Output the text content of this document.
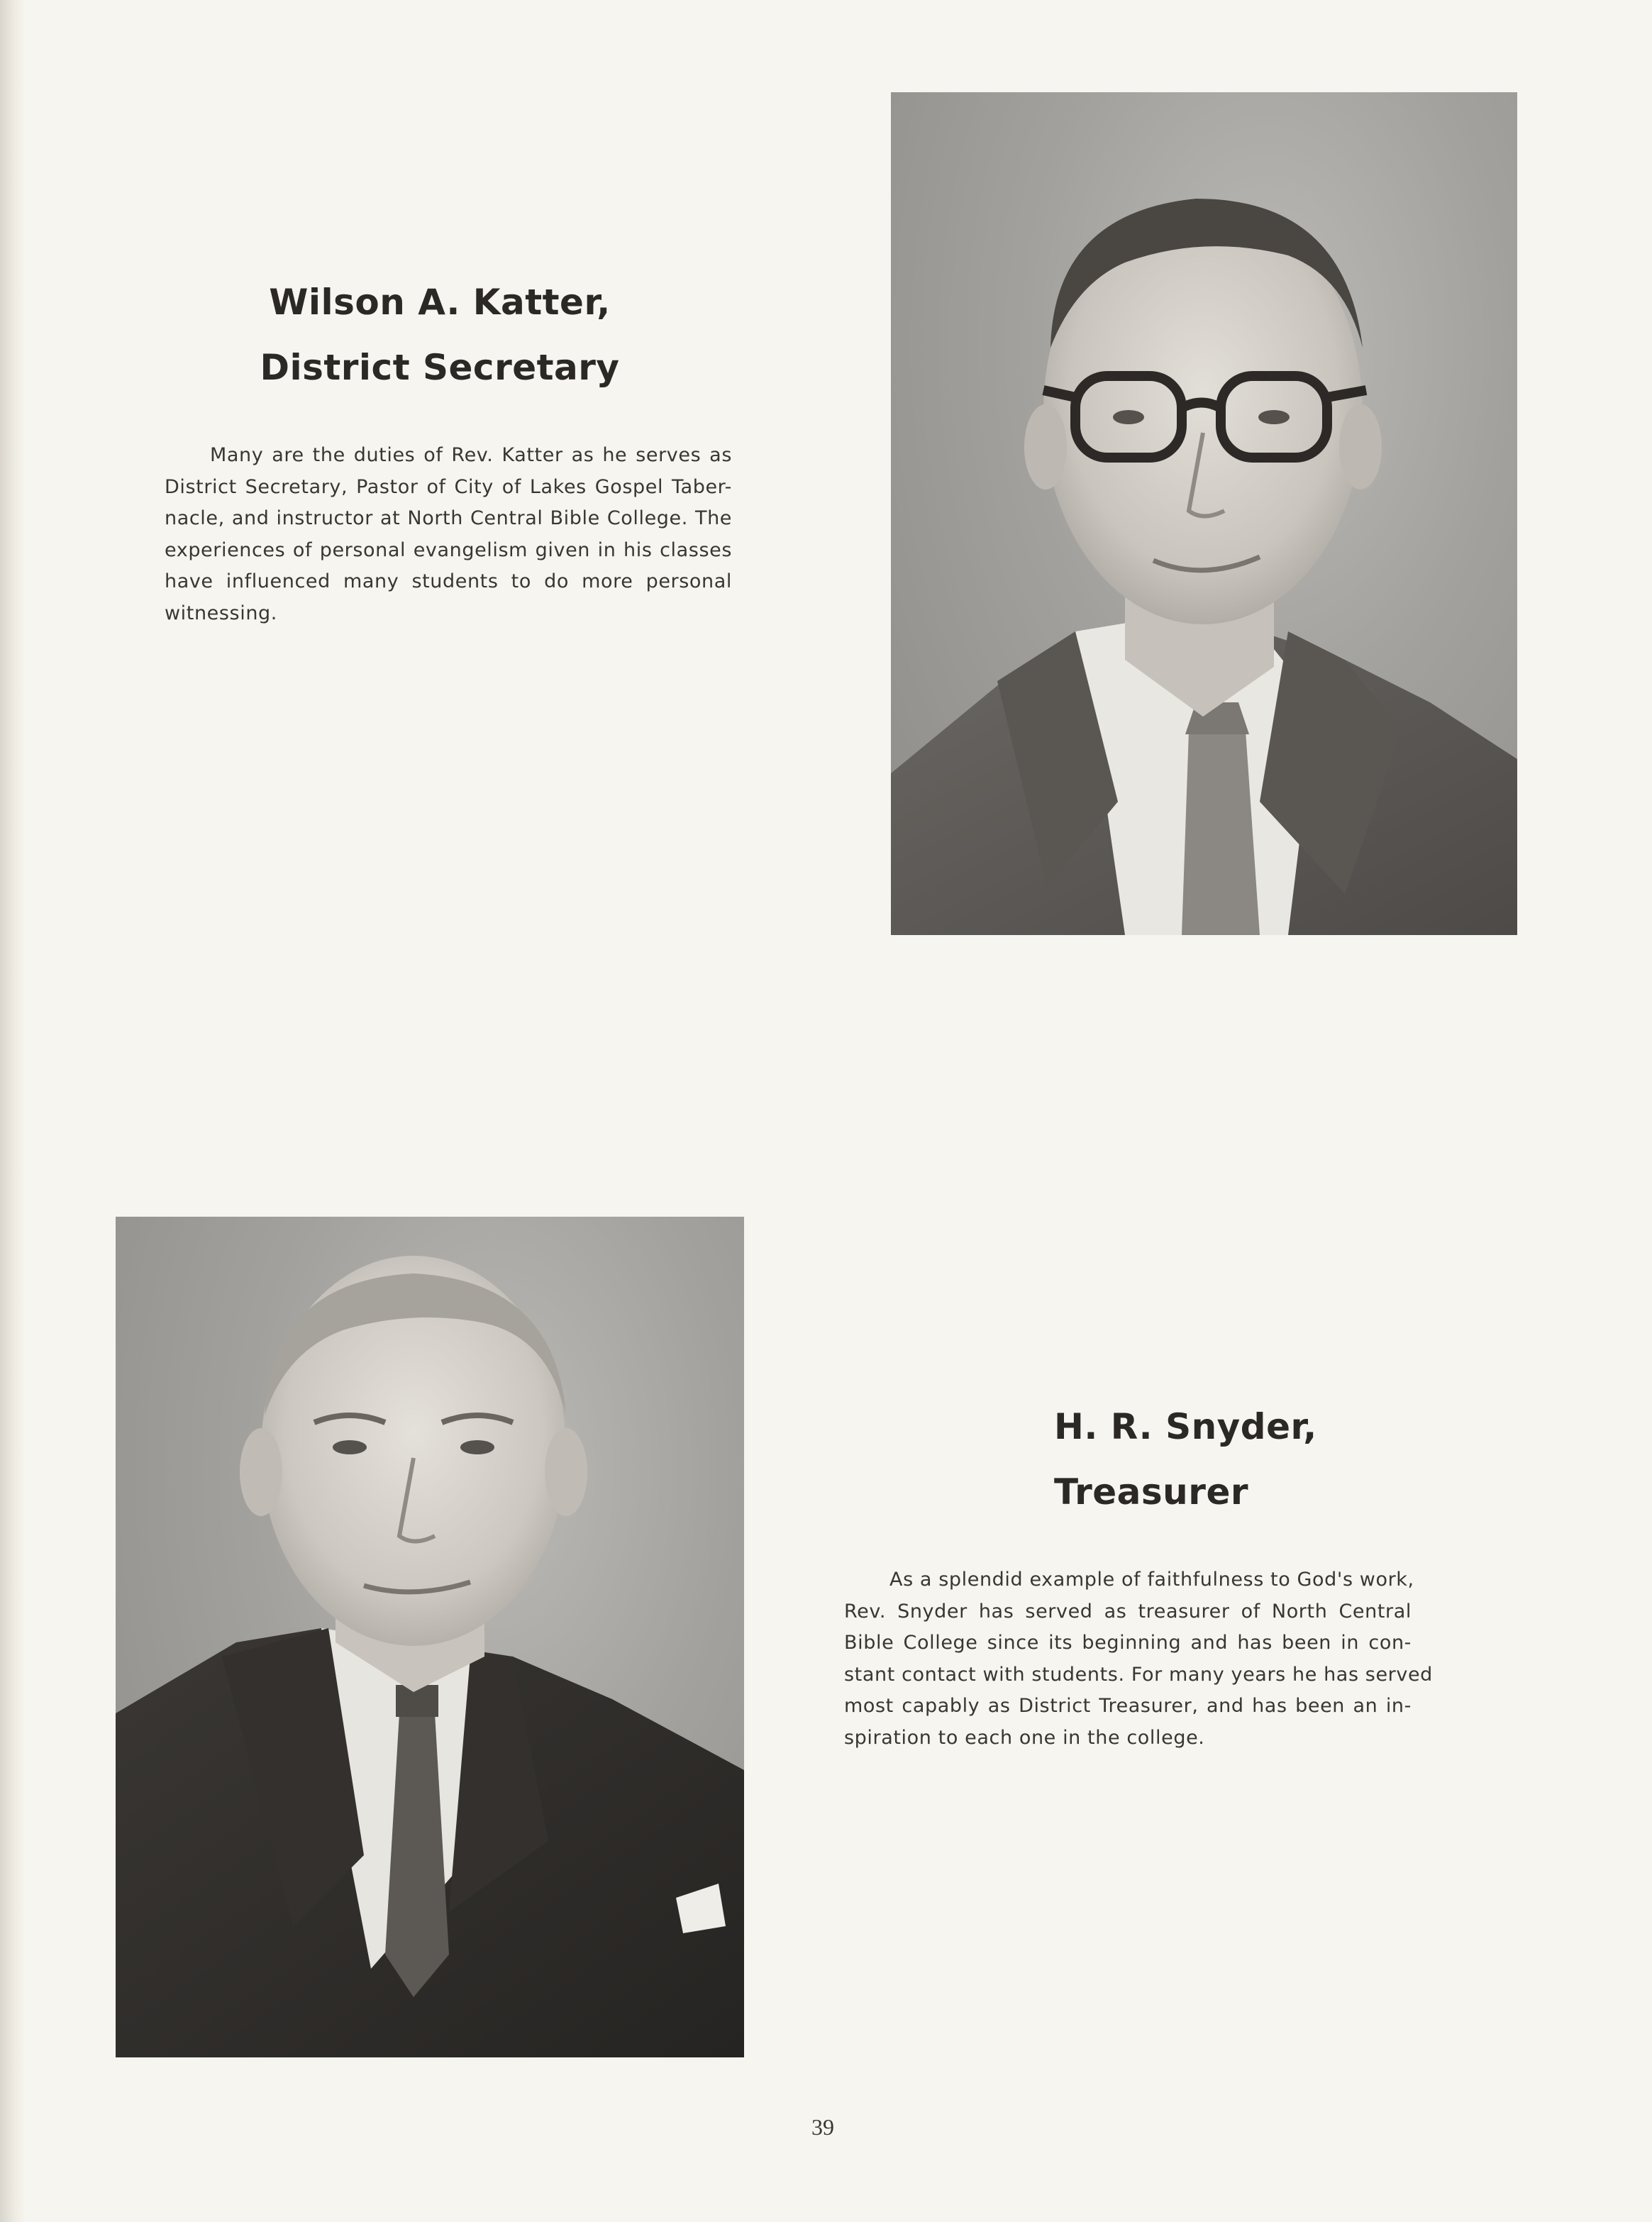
Wilson A. Katter,
District Secretary

Many are the duties of Rev. Katter as he serves as
District Secretary, Pastor of City of Lakes Gospel Taber-
nacle, and instructor at North Central Bible College. The
experiences of personal evangelism given in his classes
have influenced many students to do more personal
witnessing.

H. R. Snyder,
Treasurer

As a splendid example of faithfulness to God's work,
Rev. Snyder has served as treasurer of North Central
Bible College since its beginning and has been in con-
stant contact with students. For many years he has served
most capably as District Treasurer, and has been an in-
spiration to each one in the college.

39
